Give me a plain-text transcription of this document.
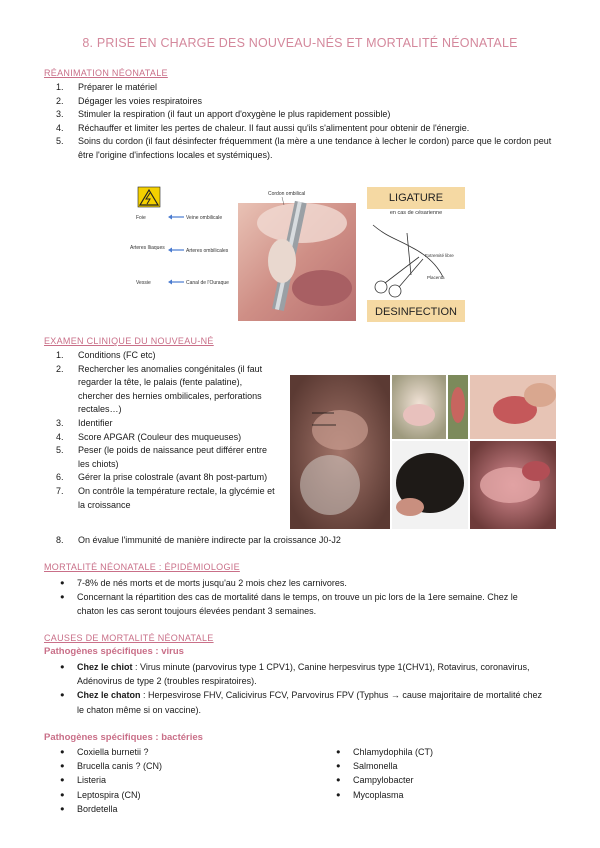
8. PRISE EN CHARGE DES NOUVEAU-NÉS ET MORTALITÉ NÉONATALE
RÉANIMATION NÉONATALE
1. Préparer le matériel
2. Dégager les voies respiratoires
3. Stimuler la respiration (il faut un apport d'oxygène le plus rapidement possible)
4. Réchauffer et limiter les pertes de chaleur. Il faut aussi qu'ils s'alimentent pour obtenir de l'énergie.
5. Soins du cordon (il faut désinfecter fréquemment (la mère a une tendance à lecher le cordon) parce que le cordon peut être l'origine d'infections locales et systémiques).
Foie
Arteres Iliaques
Vessie
Veine ombilicale
Arteres ombilicales
Canal de l'Ouraque
Cordon ombilical	LIGATURE
en cas de césarienne
Extremité libre
Placenta
DESINFECTION
EXAMEN CLINIQUE DU NOUVEAU-NÉ
1. Conditions (FC etc)
2. Rechercher les anomalies congénitales (il faut regarder la tête, le palais (fente palatine), chercher des hernies ombilicales, perforations rectales…)
3. Identifier
4. Score APGAR (Couleur des muqueuses)
5. Peser (le poids de naissance peut différer entre les chiots)
6. Gérer la prise colostrale (avant 8h post-partum)
7. On contrôle la température rectale, la glycémie et la croissance
8. On évalue l'immunité de manière indirecte par la croissance J0-J2
MORTALITÉ NÉONATALE : ÉPIDÉMIOLOGIE
● 7-8% de nés morts et de morts jusqu'au 2 mois chez les carnivores.
● Concernant la répartition des cas de mortalité dans le temps, on trouve un pic lors de la 1ere semaine. Chez le chaton les cas seront toujours élevées pendant 3 semaines.
CAUSES DE MORTALITÉ NÉONATALE
Pathogènes spécifiques : virus
● Chez le chiot : Virus minute (parvovirus type 1 CPV1), Canine herpesvirus type 1(CHV1), Rotavirus, coronavirus, Adénovirus de type 2 (troubles respiratoires).
● Chez le chaton : Herpesvirose FHV, Calicivirus FCV, Parvovirus FPV (Typhus → cause majoritaire de mortalité chez le chaton même si on vaccine).
Pathogènes spécifiques : bactéries
● Coxiella burnetii ?
● Brucella canis ? (CN)
● Listeria
● Leptospira (CN)
● Bordetella
● Chlamydophila (CT)
● Salmonella
● Campylobacter
● Mycoplasma
